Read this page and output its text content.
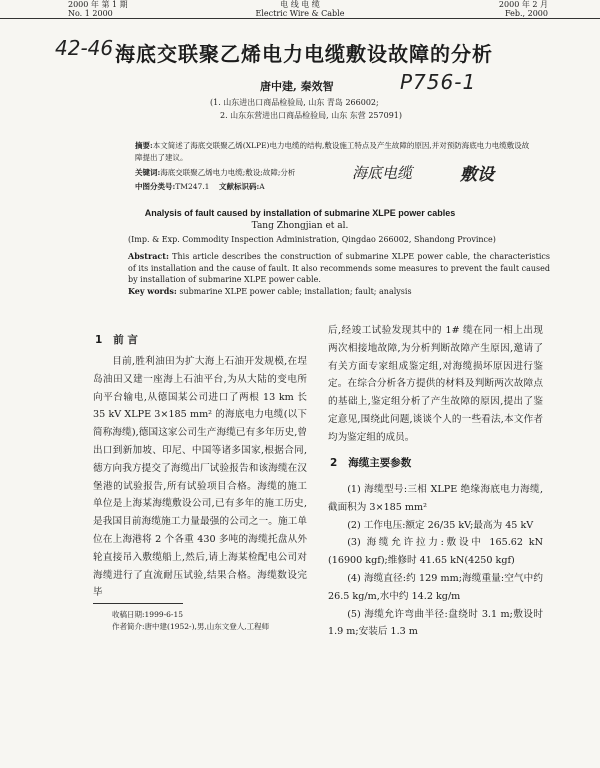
2000 年 第 1 期
No. 1 2000
电 线 电 缆
Electric Wire & Cable
2000 年 2 月
Feb., 2000
42-46
P756-1
海底电缆	敷设
海底交联聚乙烯电力电缆敷设故障的分析
唐中建, 秦效智
(1. 山东进出口商品检验局, 山东 青岛 266002;
2. 山东东营进出口商品检验局, 山东 东营 257091)
摘要:本文简述了海底交联聚乙烯(XLPE)电力电缆的结构,敷设施工特点及产生故障的原因,并对预防海底电力电缆敷设故障提出了建议。
关键词:海底交联聚乙烯电力电缆;敷设;故障;分析
中图分类号:TM247.1 文献标识码:A
Analysis of fault caused by installation of submarine XLPE power cables
Tang Zhongjian et al.
(Imp. & Exp. Commodity Inspection Administration, Qingdao 266002, Shandong Province)

Abstract: This article describes the construction of submarine XLPE power cable, the characteristics of its installation and the cause of fault. It also recommends some measures to prevent the fault caused by installation of submarine XLPE power cable.

Key words: submarine XLPE power cable; installation; fault; analysis

1 前 言

目前,胜利油田为扩大海上石油开发规模,在埕岛油田又建一座海上石油平台,为从大陆的变电所向平台输电,从德国某公司进口了两根 13 km 长 35 kV XLPE 3×185 mm² 的海底电力电缆(以下简称海缆),德国这家公司生产海缆已有多年历史,曾出口到新加坡、印尼、中国等诸多国家,根据合同,德方向我方提交了海缆出厂试验报告和该海缆在汉堡港的试验报告,所有试验项目合格。海缆的施工单位是上海某海缆敷设公司,已有多年的施工历史,是我国目前海缆施工力量最强的公司之一。施工单位在上海港将 2 个各重 430 多吨的海缆托盘从外轮直接吊入敷缆船上,然后,请上海某检配电公司对海缆进行了直流耐压试验,结果合格。海缆数设完毕

收稿日期:1999-6-15
作者简介:唐中建(1952-),男,山东文登人,工程师

后,经竣工试验发现其中的 1# 缆在同一相上出现两次相接地故障,为分析判断故障产生原因,邀请了有关方面专家组成鉴定组,对海缆损坏原因进行鉴定。在综合分析各方提供的材料及判断两次故障点的基础上,鉴定组分析了产生故障的原因,提出了鉴定意见,围绕此问题,谈谈个人的一些看法,本文作者均为鉴定组的成员。

2 海缆主要参数

(1) 海缆型号:三相 XLPE 绝缘海底电力海缆,截面积为 3×185 mm²

(2) 工作电压:额定 26/35 kV;最高为 45 kV

(3) 海缆允许拉力:敷设中 165.62 kN (16900 kgf);维修时 41.65 kN(4250 kgf)

(4) 海缆直径:约 129 mm;海缆重量:空气中约 26.5 kg/m,水中约 14.2 kg/m

(5) 海缆允许弯曲半径:盘绕时 3.1 m;敷设时 1.9 m;安装后 1.3 m
